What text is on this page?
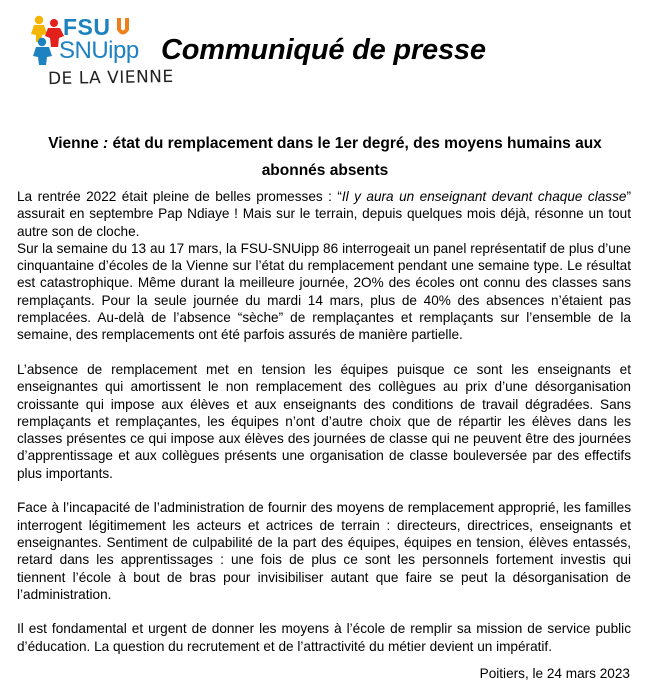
FSU
SNUipp
DE LA VIENNE
Communiqué de presse
Vienne : état du remplacement dans le 1er degré, des moyens humains aux abonnés absents

La rentrée 2022 était pleine de belles promesses : “Il y aura un enseignant devant chaque classe” assurait en septembre Pap Ndiaye ! Mais sur le terrain, depuis quelques mois déjà, résonne un tout autre son de cloche.

Sur la semaine du 13 au 17 mars, la FSU-SNUipp 86 interrogeait un panel représentatif de plus d’une cinquantaine d’écoles de la Vienne sur l’état du remplacement pendant une semaine type. Le résultat est catastrophique. Même durant la meilleure journée, 2O% des écoles ont connu des classes sans remplaçants. Pour la seule journée du mardi 14 mars, plus de 40% des absences n’étaient pas remplacées. Au-delà de l’absence “sèche” de remplaçantes et remplaçants sur l’ensemble de la semaine, des remplacements ont été parfois assurés de manière partielle.

L’absence de remplacement met en tension les équipes puisque ce sont les enseignants et enseignantes qui amortissent le non remplacement des collègues au prix d’une désorganisation croissante qui impose aux élèves et aux enseignants des conditions de travail dégradées. Sans remplaçants et remplaçantes, les équipes n’ont d’autre choix que de répartir les élèves dans les classes présentes ce qui impose aux élèves des journées de classe qui ne peuvent être des journées d’apprentissage et aux collègues présents une organisation de classe bouleversée par des effectifs plus importants.

Face à l’incapacité de l’administration de fournir des moyens de remplacement approprié, les familles interrogent légitimement les acteurs et actrices de terrain : directeurs, directrices, enseignants et enseignantes. Sentiment de culpabilité de la part des équipes, équipes en tension, élèves entassés, retard dans les apprentissages : une fois de plus ce sont les personnels fortement investis qui tiennent l’école à bout de bras pour invisibiliser autant que faire se peut la désorganisation de l’administration.

Il est fondamental et urgent de donner les moyens à l’école de remplir sa mission de service public d’éducation. La question du recrutement et de l’attractivité du métier devient un impératif.

Poitiers, le 24 mars 2023
